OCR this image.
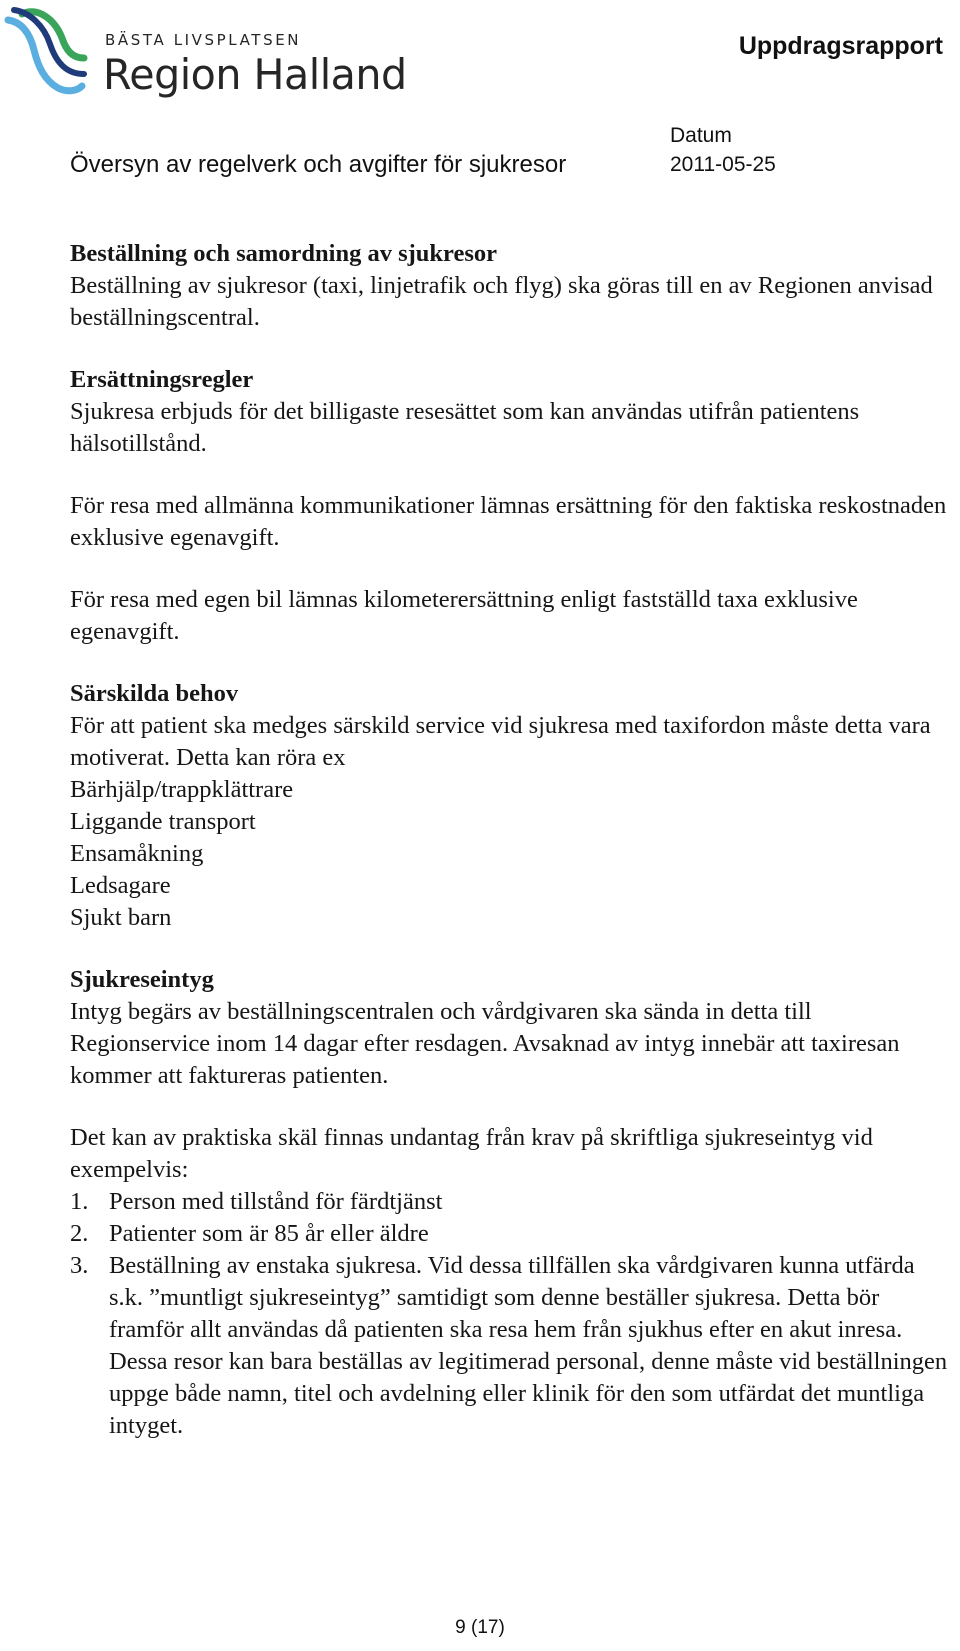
BÄSTA LIVSPLATSEN
Region Halland
Uppdragsrapport
Översyn av regelverk och avgifter för sjukresor
Datum
2011-05-25
Beställning och samordning av sjukresor

Beställning av sjukresor (taxi, linjetrafik och flyg) ska göras till en av Regionen anvisad beställningscentral.

Ersättningsregler

Sjukresa erbjuds för det billigaste resesättet som kan användas utifrån patientens hälsotillstånd.

För resa med allmänna kommunikationer lämnas ersättning för den faktiska reskostnaden exklusive egenavgift.

För resa med egen bil lämnas kilometerersättning enligt fastställd taxa exklusive egenavgift.

Särskilda behov

För att patient ska medges särskild service vid sjukresa med taxifordon måste detta vara motiverat. Detta kan röra ex

Bärhjälp/trappklättrare

Liggande transport

Ensamåkning

Ledsagare

Sjukt barn

Sjukreseintyg

Intyg begärs av beställningscentralen och vårdgivaren ska sända in detta till Regionservice inom 14 dagar efter resdagen. Avsaknad av intyg innebär att taxiresan kommer att faktureras patienten.

Det kan av praktiska skäl finnas undantag från krav på skriftliga sjukreseintyg vid exempelvis:

1. Person med tillstånd för färdtjänst
2. Patienter som är 85 år eller äldre
3. Beställning av enstaka sjukresa. Vid dessa tillfällen ska vårdgivaren kunna utfärda s.k. ”muntligt sjukreseintyg” samtidigt som denne beställer sjukresa. Detta bör framför allt användas då patienten ska resa hem från sjukhus efter en akut inresa. Dessa resor kan bara beställas av legitimerad personal, denne måste vid beställningen uppge både namn, titel och avdelning eller klinik för den som utfärdat det muntliga intyget.
9 (17)
